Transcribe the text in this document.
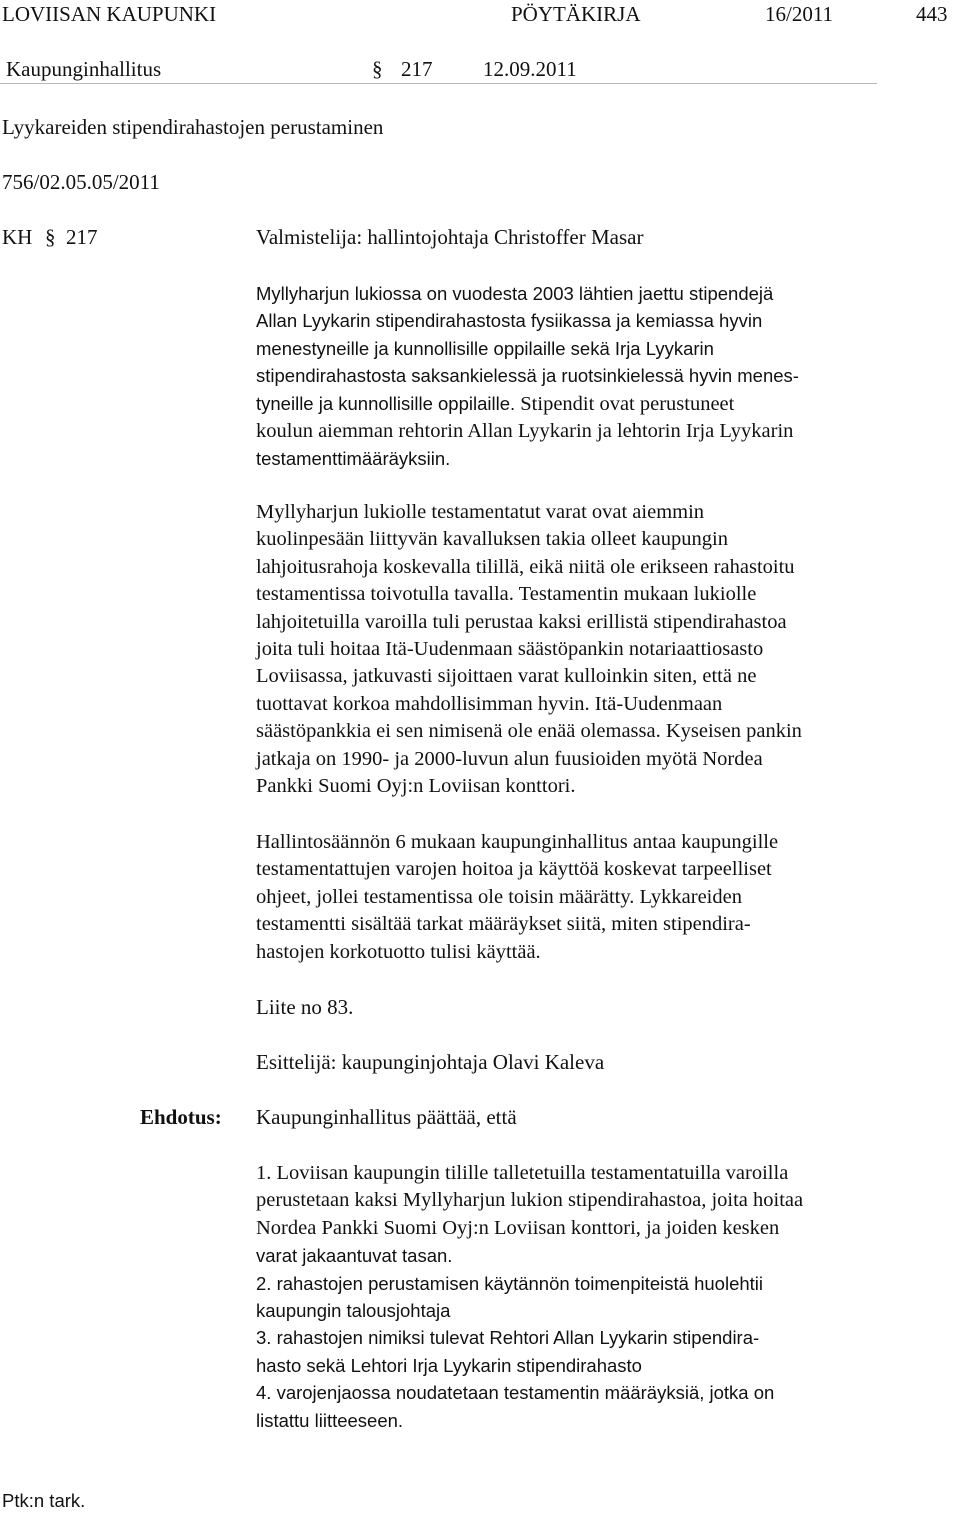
LOVIISAN KAUPUNKI	PÖYTÄKIRJA	16/2011	443
Kaupunginhallitus	§ 217 12.09.2011
Lyykareiden stipendirahastojen perustaminen
756/02.05.05/2011
KH § 217	Valmistelija: hallintojohtaja Christoffer Masar
Myllyharjun lukiossa on vuodesta 2003 lähtien jaettu stipendejä
Allan Lyykarin stipendirahastosta fysiikassa ja kemiassa hyvin
menestyneille ja kunnollisille oppilaille sekä Irja Lyykarin
stipendirahastosta saksankielessä ja ruotsinkielessä hyvin menes-
tyneille ja kunnollisille oppilaille. Stipendit ovat perustuneet
koulun aiemman rehtorin Allan Lyykarin ja lehtorin Irja Lyykarin
testamenttimääräyksiin.
Myllyharjun lukiolle testamentatut varat ovat aiemmin
kuolinpesään liittyvän kavalluksen takia olleet kaupungin
lahjoitusrahoja koskevalla tilillä, eikä niitä ole erikseen rahastoitu
testamentissa toivotulla tavalla. Testamentin mukaan lukiolle
lahjoitetuilla varoilla tuli perustaa kaksi erillistä stipendirahastoa
joita tuli hoitaa Itä-Uudenmaan säästöpankin notariaattiosasto
Loviisassa, jatkuvasti sijoittaen varat kulloinkin siten, että ne
tuottavat korkoa mahdollisimman hyvin. Itä-Uudenmaan
säästöpankkia ei sen nimisenä ole enää olemassa. Kyseisen pankin
jatkaja on 1990- ja 2000-luvun alun fuusioiden myötä Nordea
Pankki Suomi Oyj:n Loviisan konttori.
Hallintosäännön 6 mukaan kaupunginhallitus antaa kaupungille
testamentattujen varojen hoitoa ja käyttöä koskevat tarpeelliset
ohjeet, jollei testamentissa ole toisin määrätty. Lykkareiden
testamentti sisältää tarkat määräykset siitä, miten stipendira-
hastojen korkotuotto tulisi käyttää.
Liite no 83.
Esittelijä: kaupunginjohtaja Olavi Kaleva
Ehdotus: Kaupunginhallitus päättää, että
1. Loviisan kaupungin tilille talletetuilla testamentatuilla varoilla
perustetaan kaksi Myllyharjun lukion stipendirahastoa, joita hoitaa
Nordea Pankki Suomi Oyj:n Loviisan konttori, ja joiden kesken
varat jakaantuvat tasan.
2. rahastojen perustamisen käytännön toimenpiteistä huolehtii
kaupungin talousjohtaja
3. rahastojen nimiksi tulevat Rehtori Allan Lyykarin stipendira-
hasto sekä Lehtori Irja Lyykarin stipendirahasto
4. varojenjaossa noudatetaan testamentin määräyksiä, jotka on
listattu liitteeseen.
Ptk:n tark.
